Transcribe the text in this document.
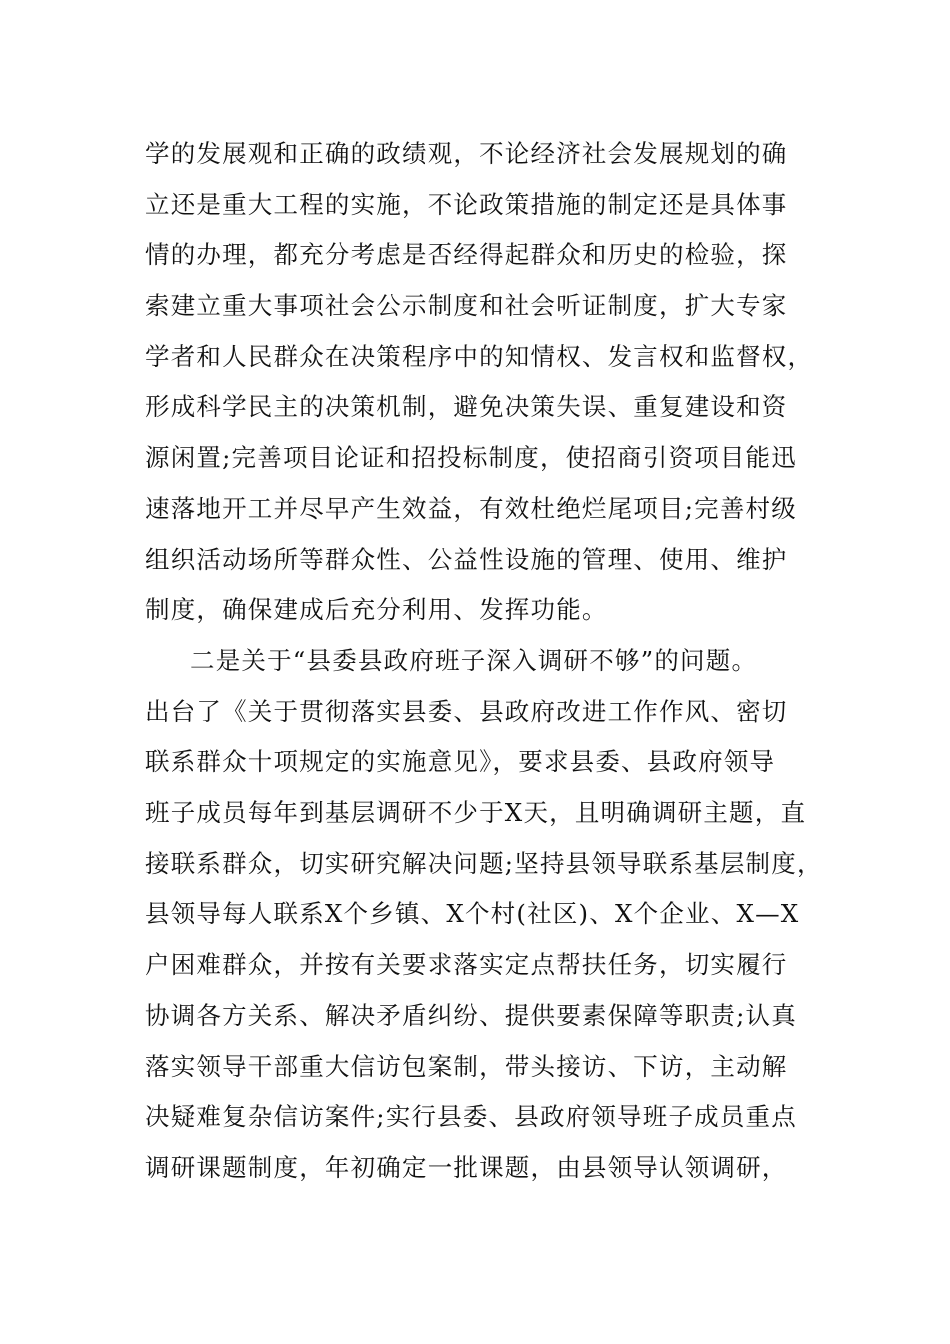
学的发展观和正确的政绩观，不论经济社会发展规划的确
立还是重大工程的实施，不论政策措施的制定还是具体事
情的办理，都充分考虑是否经得起群众和历史的检验，探
索建立重大事项社会公示制度和社会听证制度，扩大专家
学者和人民群众在决策程序中的知情权、发言权和监督权，
形成科学民主的决策机制，避免决策失误、重复建设和资
源闲置;完善项目论证和招投标制度，使招商引资项目能迅
速落地开工并尽早产生效益，有效杜绝烂尾项目;完善村级
组织活动场所等群众性、公益性设施的管理、使用、维护
制度，确保建成后充分利用、发挥功能。
二是关于“县委县政府班子深入调研不够”的问题。
出台了《关于贯彻落实县委、县政府改进工作作风、密切
联系群众十项规定的实施意见》，要求县委、县政府领导
班子成员每年到基层调研不少于X天，且明确调研主题，直
接联系群众，切实研究解决问题;坚持县领导联系基层制度，
县领导每人联系X个乡镇、X个村(社区)、X个企业、X—X
户困难群众，并按有关要求落实定点帮扶任务，切实履行
协调各方关系、解决矛盾纠纷、提供要素保障等职责;认真
落实领导干部重大信访包案制，带头接访、下访，主动解
决疑难复杂信访案件;实行县委、县政府领导班子成员重点
调研课题制度，年初确定一批课题，由县领导认领调研，
